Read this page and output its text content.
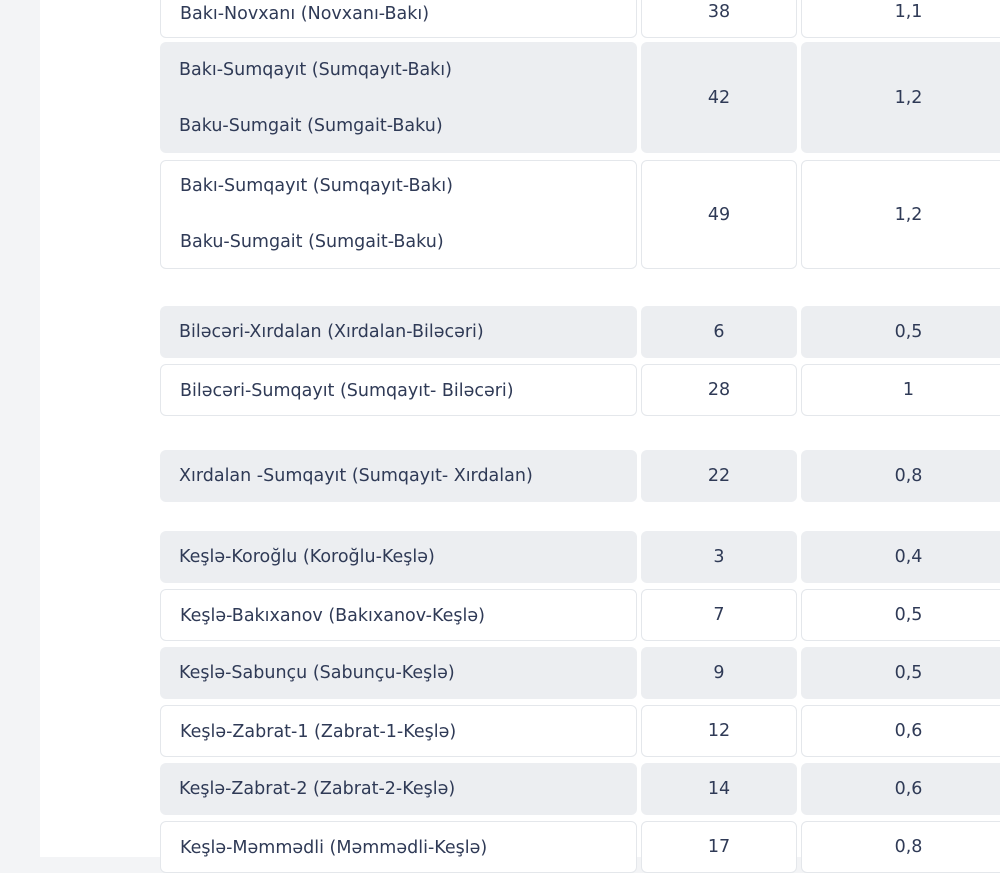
Bakı-Novxanı (Novxanı-Bakı)	38	1,1
Bakı-Sumqayıt (Sumqayıt-Bakı)
Baku-Sumgait (Sumgait-Baku)
42	1,2
Bakı-Sumqayıt (Sumqayıt-Bakı)
Baku-Sumgait (Sumgait-Baku)
49	1,2
Biləcəri-Xırdalan (Xırdalan-Biləcəri)	6	0,5
Biləcəri-Sumqayıt (Sumqayıt- Biləcəri)	28	1
Xırdalan -Sumqayıt (Sumqayıt- Xırdalan)	22	0,8
Keşlə-Koroğlu (Koroğlu-Keşlə)	3	0,4
Keşlə-Bakıxanov (Bakıxanov-Keşlə)	7	0,5
Keşlə-Sabunçu (Sabunçu-Keşlə)	9	0,5
Keşlə-Zabrat-1 (Zabrat-1-Keşlə)	12	0,6
Keşlə-Zabrat-2 (Zabrat-2-Keşlə)	14	0,6
Keşlə-Məmmədli (Məmmədli-Keşlə)	17	0,8
